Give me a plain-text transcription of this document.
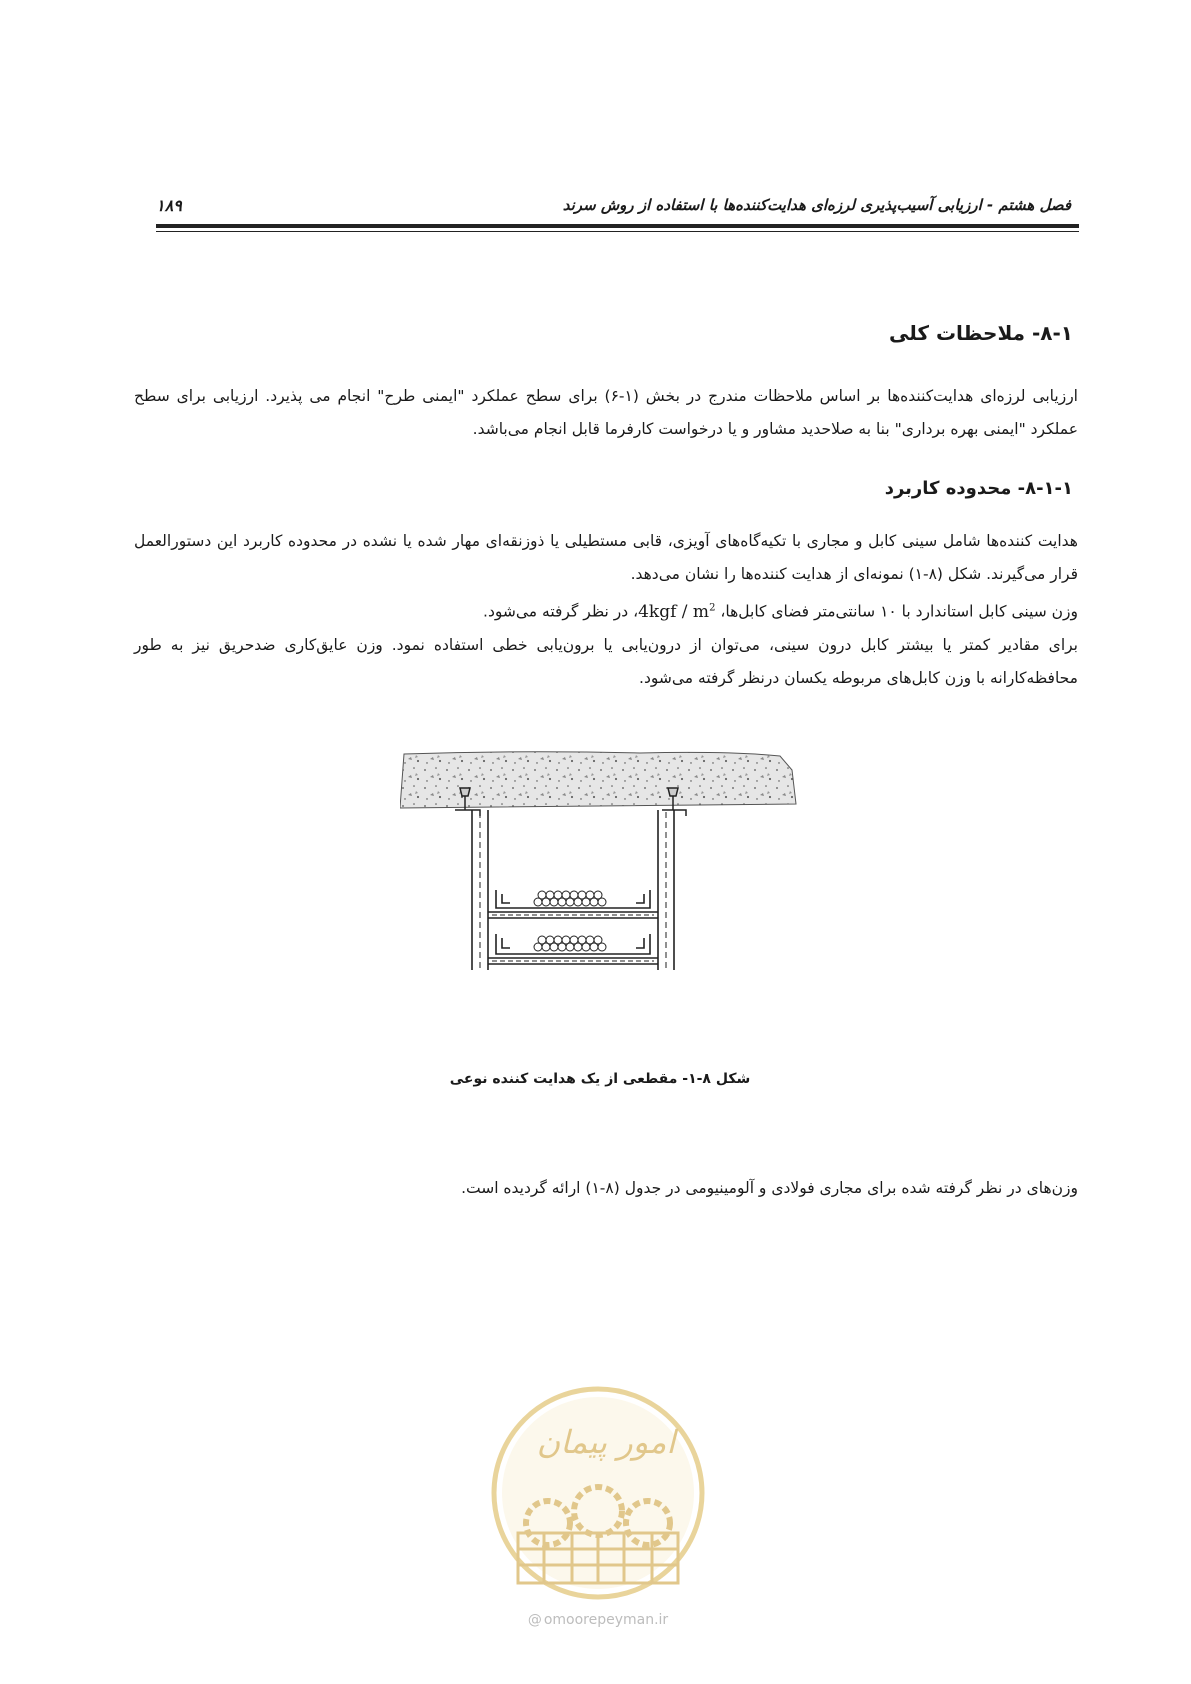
فصل هشتم - ارزیابی آسیب‌پذیری لرزه‌ای هدایت‌کننده‌ها با استفاده از روش سرند
۱۸۹
۸-۱- ملاحظات کلی
ارزیابی لرزه‌ای هدایت‌کننده‌ها بر اساس ملاحظات مندرج در بخش (۱-۶) برای سطح عملکرد "ایمنی طرح" انجام می پذیرد. ارزیابی برای سطح عملکرد "ایمنی بهره برداری" بنا به صلاحدید مشاور و یا درخواست کارفرما قابل انجام می‌باشد.
۸-۱-۱- محدوده کاربرد
هدایت کننده‌ها شامل سینی کابل و مجاری با تکیه‌گاه‌های آویزی، قابی مستطیلی یا ذوزنقه‌ای مهار شده یا نشده در محدوده کاربرد این دستورالعمل قرار می‌گیرند. شکل (۸-۱) نمونه‌ای از هدایت کننده‌ها را نشان می‌دهد.
وزن سینی کابل استاندارد با ۱۰ سانتی‌متر فضای کابل‌ها، $4kgf / m^2،$ در نظر گرفته می‌شود.
برای مقادیر کمتر یا بیشتر کابل درون سینی، می‌توان از درون‌یابی یا برون‌یابی خطی استفاده نمود. وزن عایق‌کاری ضدحریق نیز به طور محافظه‌کارانه با وزن کابل‌های مربوطه یکسان درنظر گرفته می‌شود.
شکل ۸-۱- مقطعی از یک هدایت کننده نوعی
وزن‌های در نظر گرفته شده برای مجاری فولادی و آلومینیومی در جدول (۸-۱) ارائه گردیده است.
امور پیمان
@ omoorepeyman.ir
